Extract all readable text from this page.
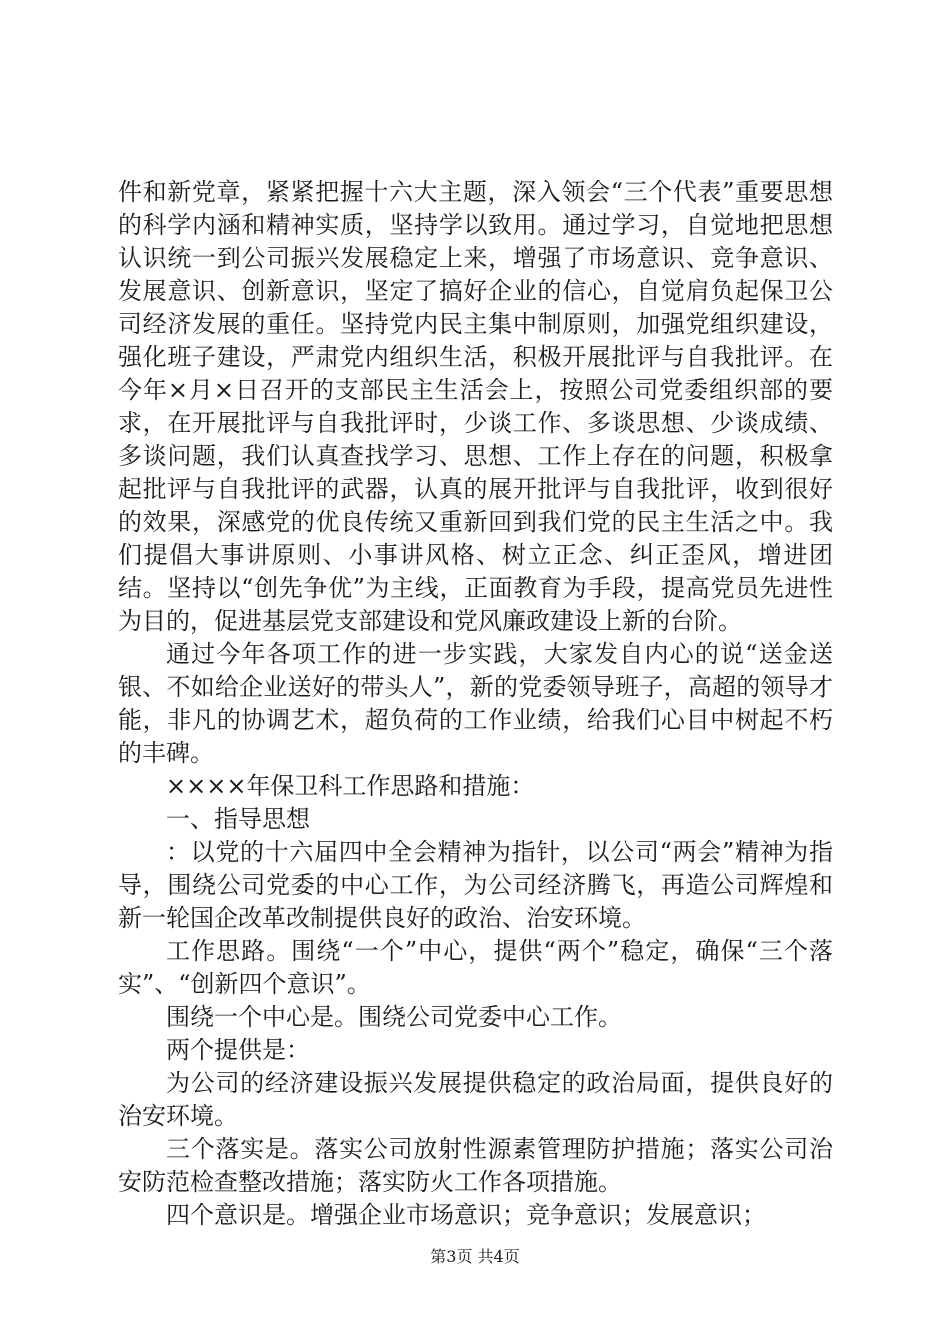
件和新党章，紧紧把握十六大主题，深入领会“三个代表”重要思想的科学内涵和精神实质，坚持学以致用。通过学习，自觉地把思想认识统一到公司振兴发展稳定上来，增强了市场意识、竞争意识、发展意识、创新意识，坚定了搞好企业的信心，自觉肩负起保卫公司经济发展的重任。坚持党内民主集中制原则，加强党组织建设，强化班子建设，严肃党内组织生活，积极开展批评与自我批评。在今年×月×日召开的支部民主生活会上，按照公司党委组织部的要求，在开展批评与自我批评时，少谈工作、多谈思想、少谈成绩、多谈问题，我们认真查找学习、思想、工作上存在的问题，积极拿起批评与自我批评的武器，认真的展开批评与自我批评，收到很好的效果，深感党的优良传统又重新回到我们党的民主生活之中。我们提倡大事讲原则、小事讲风格、树立正念、纠正歪风，增进团结。坚持以“创先争优”为主线，正面教育为手段，提高党员先进性为目的，促进基层党支部建设和党风廉政建设上新的台阶。

通过今年各项工作的进一步实践，大家发自内心的说“送金送银、不如给企业送好的带头人”，新的党委领导班子，高超的领导才能，非凡的协调艺术，超负荷的工作业绩，给我们心目中树起不朽的丰碑。

××××年保卫科工作思路和措施：

一、指导思想

：以党的十六届四中全会精神为指针，以公司“两会”精神为指导，围绕公司党委的中心工作，为公司经济腾飞，再造公司辉煌和新一轮国企改革改制提供良好的政治、治安环境。

工作思路。围绕“一个”中心，提供“两个”稳定，确保“三个落实”、“创新四个意识”。

围绕一个中心是。围绕公司党委中心工作。

两个提供是：

为公司的经济建设振兴发展提供稳定的政治局面，提供良好的治安环境。

三个落实是。落实公司放射性源素管理防护措施；落实公司治安防范检查整改措施；落实防火工作各项措施。

四个意识是。增强企业市场意识；竞争意识；发展意识；

第3页 共4页
